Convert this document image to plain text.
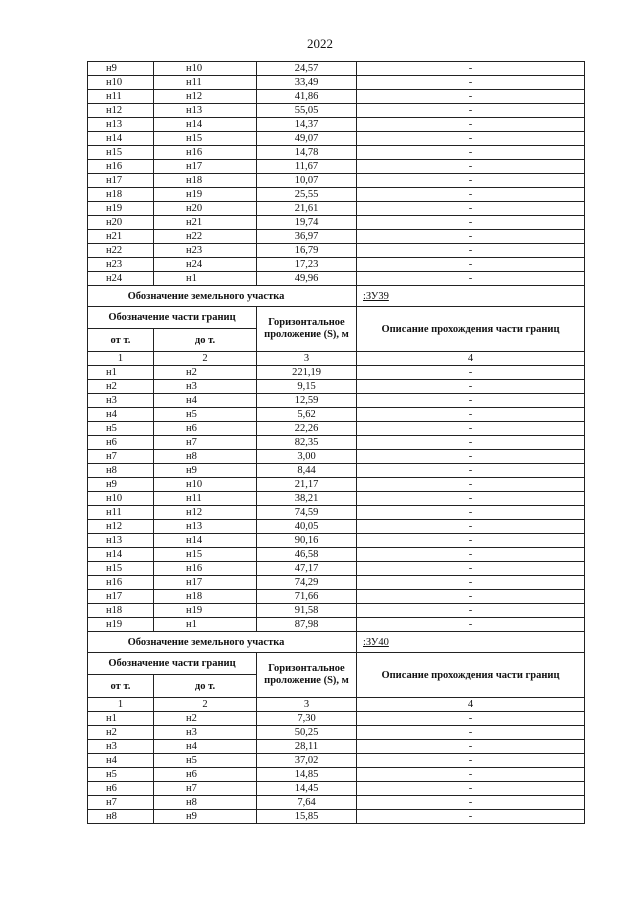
2022
н9	н10	24,57	-
н10	н11	33,49	-
н11	н12	41,86	-
н12	н13	55,05	-
н13	н14	14,37	-
н14	н15	49,07	-
н15	н16	14,78	-
н16	н17	11,67	-
н17	н18	10,07	-
н18	н19	25,55	-
н19	н20	21,61	-
н20	н21	19,74	-
н21	н22	36,97	-
н22	н23	16,79	-
н23	н24	17,23	-
н24	н1	49,96	-
Обозначение земельного участка			:ЗУ39
Обозначение части границ		Горизонтальное проложение (S), м	Описание прохождения части границ
от т.	до т.		
1	2	3	4
н1	н2	221,19	-
н2	н3	9,15	-
н3	н4	12,59	-
н4	н5	5,62	-
н5	н6	22,26	-
н6	н7	82,35	-
н7	н8	3,00	-
н8	н9	8,44	-
н9	н10	21,17	-
н10	н11	38,21	-
н11	н12	74,59	-
н12	н13	40,05	-
н13	н14	90,16	-
н14	н15	46,58	-
н15	н16	47,17	-
н16	н17	74,29	-
н17	н18	71,66	-
н18	н19	91,58	-
н19	н1	87,98	-
Обозначение земельного участка			:ЗУ40
Обозначение части границ		Горизонтальное проложение (S), м	Описание прохождения части границ
от т.	до т.		
1	2	3	4
н1	н2	7,30	-
н2	н3	50,25	-
н3	н4	28,11	-
н4	н5	37,02	-
н5	н6	14,85	-
н6	н7	14,45	-
н7	н8	7,64	-
н8	н9	15,85	-
